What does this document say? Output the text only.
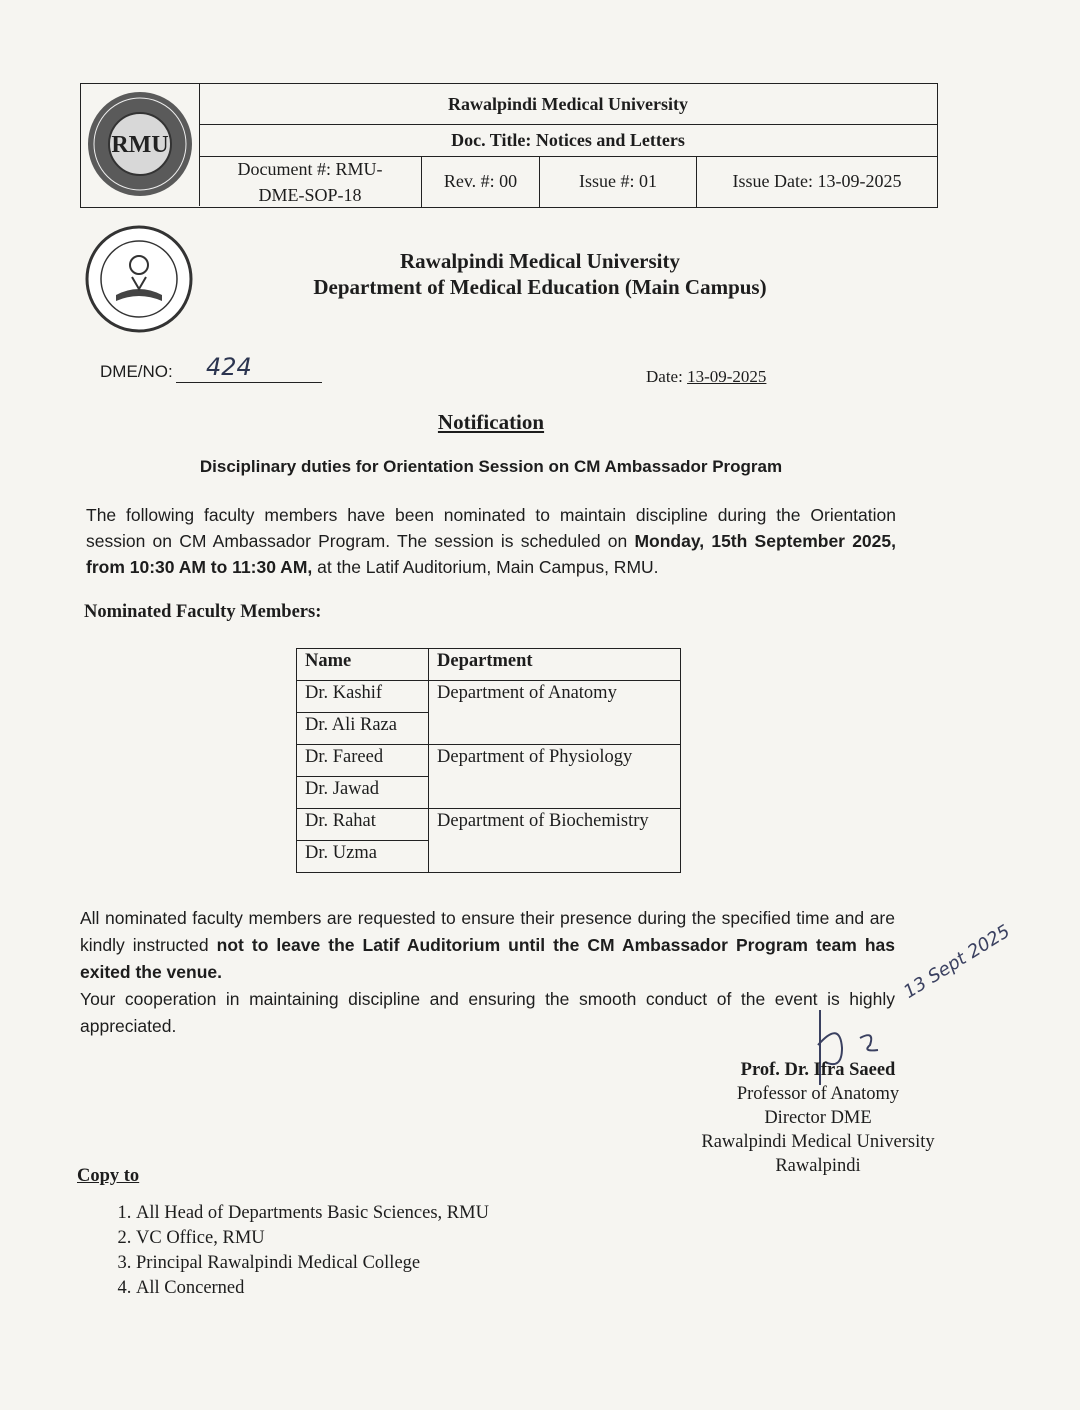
RMU
Rawalpindi Medical University
Doc. Title: Notices and Letters
Document #: RMU-DME-SOP-18
Rev. #: 00	Issue #: 01	Issue Date: 13-09-2025
Rawalpindi Medical University
Department of Medical Education (Main Campus)
DME/NO: 424	Date: 13-09-2025
Notification
Disciplinary duties for Orientation Session on CM Ambassador Program
The following faculty members have been nominated to maintain discipline during the Orientation session on CM Ambassador Program. The session is scheduled on Monday, 15th September 2025, from 10:30 AM to 11:30 AM, at the Latif Auditorium, Main Campus, RMU.
Nominated Faculty Members:
Name	Department
Dr. Kashif	Department of Anatomy
Dr. Ali Raza	
Dr. Fareed	Department of Physiology
Dr. Jawad	
Dr. Rahat	Department of Biochemistry
Dr. Uzma	
All nominated faculty members are requested to ensure their presence during the specified time and are kindly instructed not to leave the Latif Auditorium until the CM Ambassador Program team has exited the venue.
Your cooperation in maintaining discipline and ensuring the smooth conduct of the event is highly appreciated.
13 Sept 2025
Prof. Dr. Ifra Saeed
Professor of Anatomy
Director DME
Rawalpindi Medical University
Rawalpindi
Copy to
1. All Head of Departments Basic Sciences, RMU
2. VC Office, RMU
3. Principal Rawalpindi Medical College
4. All Concerned
